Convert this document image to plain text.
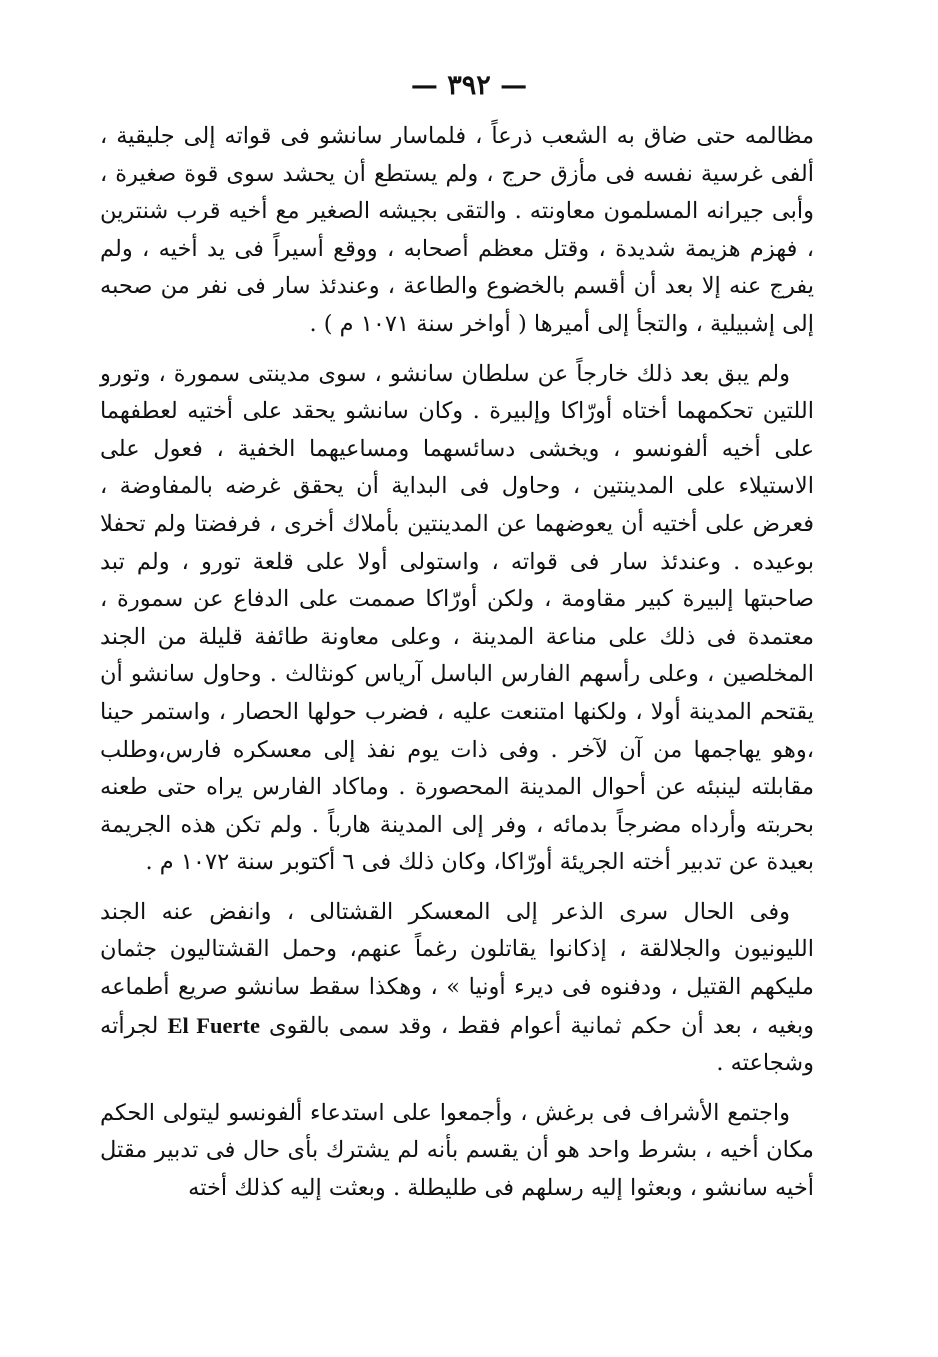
— ٣٩٢ —

مظالمه حتى ضاق به الشعب ذرعاً ، فلماسار سانشو فى قواته إلى جليقية ، ألفى غرسية نفسه فى مأزق حرج ، ولم يستطع أن يحشد سوى قوة صغيرة ، وأبى جيرانه المسلمون معاونته . والتقى بجيشه الصغير مع أخيه قرب شنترين ، فهزم هزيمة شديدة ، وقتل معظم أصحابه ، ووقع أسيراً فى يد أخيه ، ولم يفرج عنه إلا بعد أن أقسم بالخضوع والطاعة ، وعندئذ سار فى نفر من صحبه إلى إشبيلية ، والتجأ إلى أميرها ( أواخر سنة ١٠٧١ م ) .

ولم يبق بعد ذلك خارجاً عن سلطان سانشو ، سوى مدينتى سمورة ، وتورو اللتين تحكمهما أختاه أورّاكا وإلبيرة . وكان سانشو يحقد على أختيه لعطفهما على أخيه ألفونسو ، ويخشى دسائسهما ومساعيهما الخفية ، فعول على الاستيلاء على المدينتين ، وحاول فى البداية أن يحقق غرضه بالمفاوضة ، فعرض على أختيه أن يعوضهما عن المدينتين بأملاك أخرى ، فرفضتا ولم تحفلا بوعيده . وعندئذ سار فى قواته ، واستولى أولا على قلعة تورو ، ولم تبد صاحبتها إلبيرة كبير مقاومة ، ولكن أورّاكا صممت على الدفاع عن سمورة ، معتمدة فى ذلك على مناعة المدينة ، وعلى معاونة طائفة قليلة من الجند المخلصين ، وعلى رأسهم الفارس الباسل آرياس كونثالث . وحاول سانشو أن يقتحم المدينة أولا ، ولكنها امتنعت عليه ، فضرب حولها الحصار ، واستمر حينا ،وهو يهاجمها من آن لآخر . وفى ذات يوم نفذ إلى معسكره فارس،وطلب مقابلته لينبئه عن أحوال المدينة المحصورة . وماكاد الفارس يراه حتى طعنه بحربته وأرداه مضرجاً بدمائه ، وفر إلى المدينة هارباً . ولم تكن هذه الجريمة بعيدة عن تدبير أخته الجريئة أورّاكا، وكان ذلك فى ٦ أكتوبر سنة ١٠٧٢ م .

وفى الحال سرى الذعر إلى المعسكر القشتالى ، وانفض عنه الجند الليونيون والجلالقة ، إذكانوا يقاتلون رغماً عنهم، وحمل القشتاليون جثمان مليكهم القتيل ، ودفنوه فى ديرء أونيا » ، وهكذا سقط سانشو صريع أطماعه وبغيه ، بعد أن حكم ثمانية أعوام فقط ، وقد سمى بالقوى El Fuerte لجرأته وشجاعته .

واجتمع الأشراف فى برغش ، وأجمعوا على استدعاء ألفونسو ليتولى الحكم مكان أخيه ، بشرط واحد هو أن يقسم بأنه لم يشترك بأى حال فى تدبير مقتل أخيه سانشو ، وبعثوا إليه رسلهم فى طليطلة . وبعثت إليه كذلك أخته
